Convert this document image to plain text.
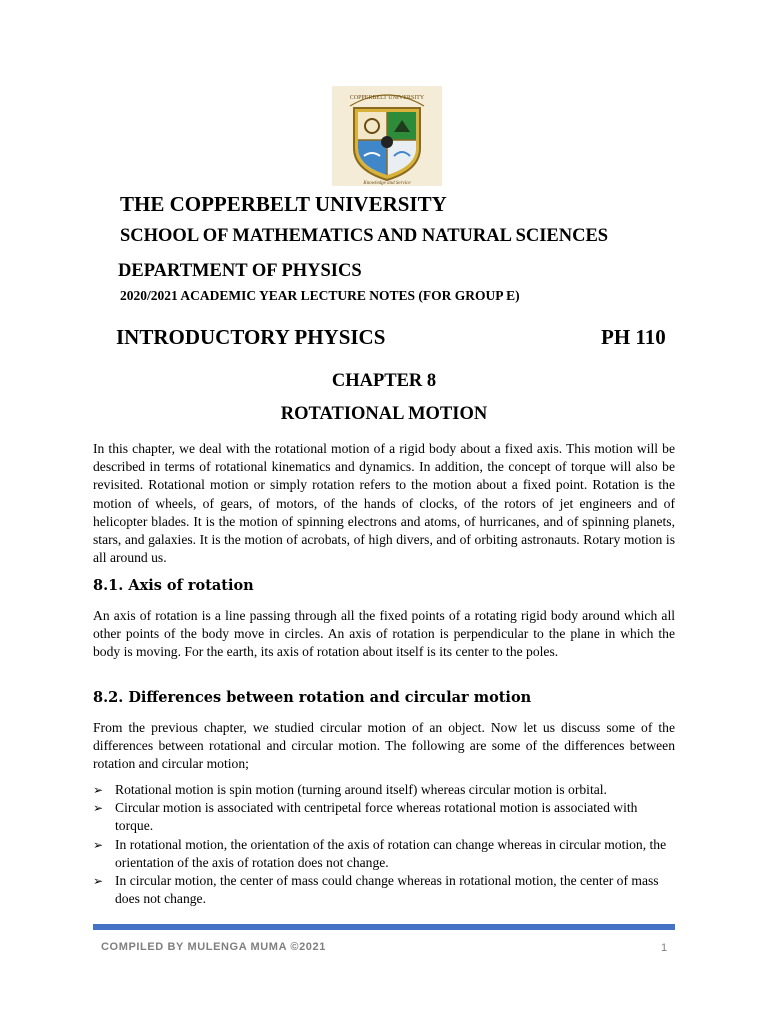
COPPERBELT UNIVERSITY
Knowledge and Service
THE COPPERBELT UNIVERSITY
SCHOOL OF MATHEMATICS AND NATURAL SCIENCES
DEPARTMENT OF PHYSICS
2020/2021 ACADEMIC YEAR LECTURE NOTES (FOR GROUP E)
INTRODUCTORY PHYSICS	PH 110
CHAPTER 8
ROTATIONAL MOTION
In this chapter, we deal with the rotational motion of a rigid body about a fixed axis. This motion will be described in terms of rotational kinematics and dynamics. In addition, the concept of torque will also be revisited. Rotational motion or simply rotation refers to the motion about a fixed point. Rotation is the motion of wheels, of gears, of motors, of the hands of clocks, of the rotors of jet engineers and of helicopter blades. It is the motion of spinning electrons and atoms, of hurricanes, and of spinning planets, stars, and galaxies. It is the motion of acrobats, of high divers, and of orbiting astronauts. Rotary motion is all around us.
8.1. Axis of rotation
An axis of rotation is a line passing through all the fixed points of a rotating rigid body around which all other points of the body move in circles. An axis of rotation is perpendicular to the plane in which the body is moving. For the earth, its axis of rotation about itself is its center to the poles.
8.2. Differences between rotation and circular motion
From the previous chapter, we studied circular motion of an object. Now let us discuss some of the differences between rotational and circular motion. The following are some of the differences between rotation and circular motion;
➢ Rotational motion is spin motion (turning around itself) whereas circular motion is orbital.
➢ Circular motion is associated with centripetal force whereas rotational motion is associated with torque.
➢ In rotational motion, the orientation of the axis of rotation can change whereas in circular motion, the orientation of the axis of rotation does not change.
➢ In circular motion, the center of mass could change whereas in rotational motion, the center of mass does not change.
COMPILED BY MULENGA MUMA ©2021	1
